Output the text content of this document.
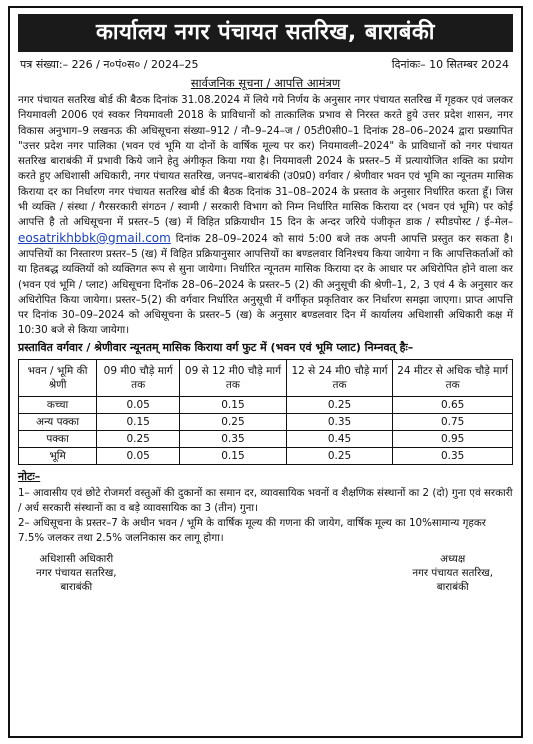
कार्यालय नगर पंचायत सतरिख, बाराबंकी
पत्र संख्या:– 226 / न०पं०स० / 2024–25	दिनांकः– 10 सितम्बर 2024
सार्वजनिक सूचना / आपत्ति आमंत्रण

नगर पंचायत सतरिख बोर्ड की बैठक दिनांक 31.08.2024 में लिये गये निर्णय के अनुसार नगर पंचायत सतरिख में गृहकर एवं जलकर नियमावली 2006 एवं स्वकर नियमावली 2018 के प्राविधानों को तात्कालिक प्रभाव से निरस्त करते हुये उत्तर प्रदेश शासन, नगर विकास अनुभाग–9 लखनऊ की अधिसूचना संख्या–912 / नौ–9–24–ज / 05टी0सी0–1 दिनांक 28–06–2024 द्वारा प्रख्यापित "उत्तर प्रदेश नगर पालिका (भवन एवं भूमि या दोनों के वार्षिक मूल्य पर कर) नियमावली–2024" के प्राविधानों को नगर पंचायत सतरिख बाराबंकी में प्रभावी किये जाने हेतु अंगीकृत किया गया है। नियमावली 2024 के प्रस्तर–5 में प्रत्यायोजित शक्ति का प्रयोग करते हुए अधिशासी अधिकारी, नगर पंचायत सतरिख, जनपद–बाराबंकी (उ0प्र0) वर्गवार / श्रेणीवार भवन एवं भूमि का न्यूनतम मासिक किराया दर का निर्धारण नगर पंचायत सतरिख बोर्ड की बैठक दिनांक 31–08–2024 के प्रस्ताव के अनुसार निर्धारित करता हूँ। जिस भी व्यक्ति / संस्था / गैरसरकारी संगठन / स्वामी / सरकारी विभाग को निम्न निर्धारित मासिक किराया दर (भवन एवं भूमि) पर कोई आपत्ति है तो अधिसूचना में प्रस्तर–5 (ख) में विहित प्रक्रियाधीन 15 दिन के अन्दर जरिये पंजीकृत डाक / स्पीडपोस्ट / ई–मेल– eosatrikhbbk@gmail.com दिनांक 28–09–2024 को सायं 5:00 बजे तक अपनी आपत्ति प्रस्तुत कर सकता है। आपत्तियों का निस्तारण प्रस्तर–5 (ख) में विहित प्रक्रियानुसार आपत्तियों का बण्डलवार विनिश्चय किया जायेगा न कि आपत्तिकर्ताओं को या हितबद्ध व्यक्तियों को व्यक्तिगत रूप से सुना जायेगा। निर्धारित न्यूनतम मासिक किराया दर के आधार पर अधिरोपित होने वाला कर (भवन एवं भूमि / प्लाट) अधिसूचना दिनॉक 28–06–2024 के प्रस्तर–5 (2) की अनुसूची की श्रेणी–1, 2, 3 एवं 4 के अनुसार कर अधिरोपित किया जायेगा। प्रस्तर–5(2) की वर्गवार निर्धारित अनुसूची में वर्गीकृत प्रकृतिवार कर निर्धारण समझा जाएगा। प्राप्त आपत्ति पर दिनांक 30–09–2024 को अधिसूचना के प्रस्तर–5 (ख) के अनुसार बण्डलवार दिन में कार्यालय अधिशासी अधिकारी कक्ष में 10:30 बजे से किया जायेगा।

प्रस्तावित वर्गवार / श्रेणीवार न्यूनतम् मासिक किराया वर्ग फुट में (भवन एवं भूमि प्लाट) निम्नवत् हैः–
भवन / भूमि की श्रेणी	09 मी0 चौड़े मार्ग तक	09 से 12 मी0 चौड़े मार्ग तक	12 से 24 मी0 चौड़े मार्ग तक	24 मीटर से अधिक चौड़े मार्ग तक
कच्चा	0.05	0.15	0.25	0.65
अन्य पक्का	0.15	0.25	0.35	0.75
पक्का	0.25	0.35	0.45	0.95
भूमि	0.05	0.15	0.25	0.35
नोटः–

1– आवासीय एवं छोटे रोजमर्रा वस्तुओं की दुकानों का समान दर, व्यावसायिक भवनों व शैक्षणिक संस्थानों का 2 (दो) गुना एवं सरकारी / अर्ध सरकारी संस्थानों का व बड़े व्यावसायिक का 3 (तीन) गुना।

2– अधिसूचना के प्रस्तर–7 के अधीन भवन / भूमि के वार्षिक मूल्य की गणना की जायेग, वार्षिक मूल्य का 10%सामान्य गृहकर 7.5% जलकर तथा 2.5% जलनिकास कर लागू होगा।

अधिशासी अधिकारी
नगर पंचायत सतरिख,
बाराबंकी
अध्यक्ष
नगर पंचायत सतरिख,
बाराबंकी
